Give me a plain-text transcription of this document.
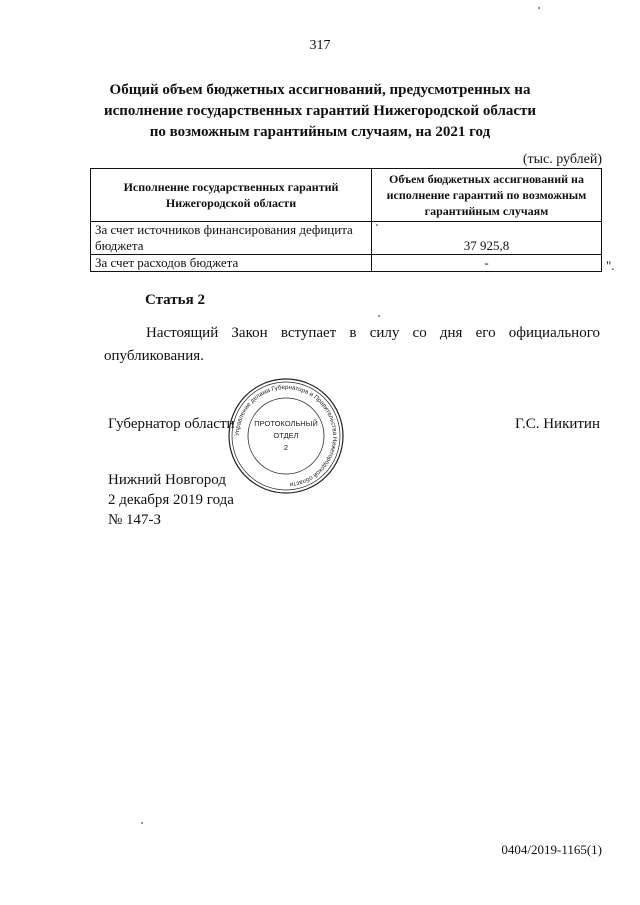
317
Общий объем бюджетных ассигнований, предусмотренных на исполнение государственных гарантий Нижегородской области по возможным гарантийным случаям, на 2021 год
(тыс. рублей)
Исполнение государственных гарантий Нижегородской области	Объем бюджетных ассигнований на исполнение гарантий по возможным гарантийным случаям
За счет источников финансирования дефицита бюджета	37 925,8
За счет расходов бюджета	-	".
Статья 2
Настоящий Закон вступает в силу со дня его официального опубликования.
Губернатор области	Г.С. Никитин
Нижний Новгород
2 декабря 2019 года
№ 147-З
Управление делами Губернатора и Правительства Нижегородской области
ПРОТОКОЛЬНЫЙ
ОТДЕЛ
2
0404/2019-1165(1)
